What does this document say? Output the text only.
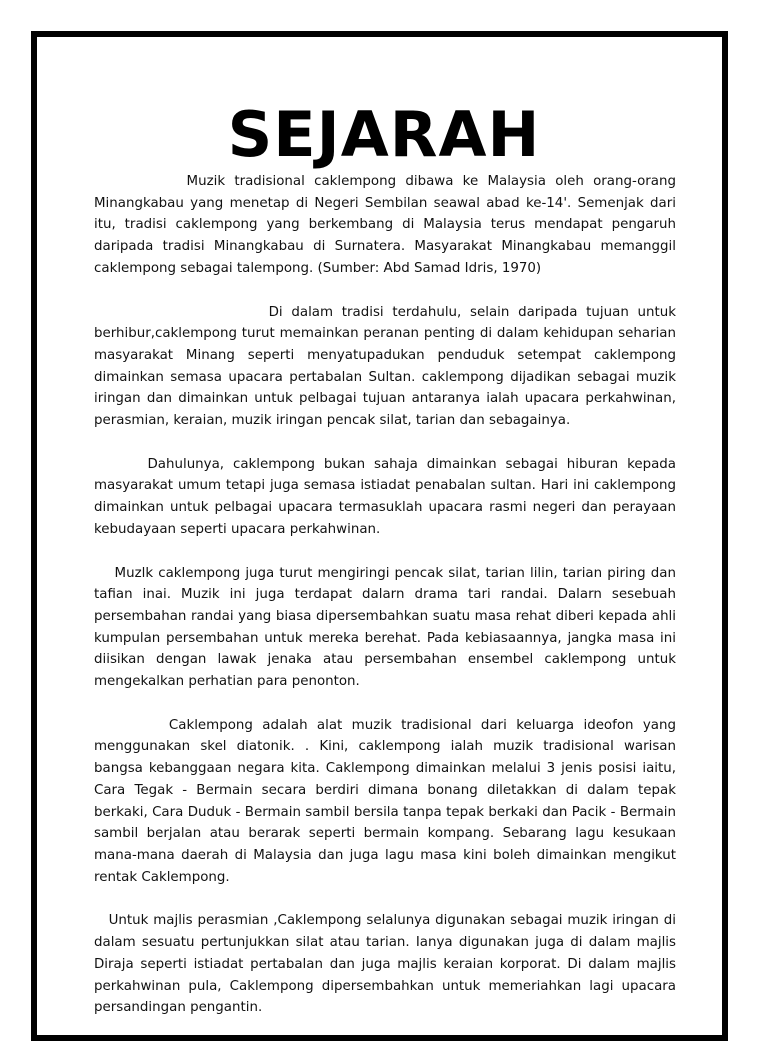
SEJARAH

Muzik tradisional caklempong dibawa ke Malaysia oleh orang-orang Minangkabau yang menetap di Negeri Sembilan seawal abad ke-14'. Semenjak dari itu, tradisi caklempong yang berkembang di Malaysia terus mendapat pengaruh daripada tradisi Minangkabau di Surnatera. Masyarakat Minangkabau memanggil caklempong sebagai talempong. (Sumber: Abd Samad Idris, 1970)

Di dalam tradisi terdahulu, selain daripada tujuan untuk berhibur,caklempong turut memainkan peranan penting di dalam kehidupan seharian masyarakat Minang seperti menyatupadukan penduduk setempat caklempong dimainkan semasa upacara pertabalan Sultan. caklempong dijadikan sebagai muzik iringan dan dimainkan untuk pelbagai tujuan antaranya ialah upacara perkahwinan, perasmian, keraian, muzik iringan pencak silat, tarian dan sebagainya.

Dahulunya, caklempong bukan sahaja dimainkan sebagai hiburan kepada masyarakat umum tetapi juga semasa istiadat penabalan sultan. Hari ini caklempong dimainkan untuk pelbagai upacara termasuklah upacara rasmi negeri dan perayaan kebudayaan seperti upacara perkahwinan.

Muzlk caklempong juga turut mengiringi pencak silat, tarian lilin, tarian piring dan tafian inai. Muzik ini juga terdapat dalarn drama tari randai. Dalarn sesebuah persembahan randai yang biasa dipersembahkan suatu masa rehat diberi kepada ahli kumpulan persembahan untuk mereka berehat. Pada kebiasaannya, jangka masa ini diisikan dengan lawak jenaka atau persembahan ensembel caklempong untuk mengekalkan perhatian para penonton.

Caklempong adalah alat muzik tradisional dari keluarga ideofon yang menggunakan skel diatonik. . Kini, caklempong ialah muzik tradisional warisan bangsa kebanggaan negara kita. Caklempong dimainkan melalui 3 jenis posisi iaitu, Cara Tegak - Bermain secara berdiri dimana bonang diletakkan di dalam tepak berkaki, Cara Duduk - Bermain sambil bersila tanpa tepak berkaki dan Pacik - Bermain sambil berjalan atau berarak seperti bermain kompang. Sebarang lagu kesukaan mana-mana daerah di Malaysia dan juga lagu masa kini boleh dimainkan mengikut rentak Caklempong.

Untuk majlis perasmian ,Caklempong selalunya digunakan sebagai muzik iringan di dalam sesuatu pertunjukkan silat atau tarian. Ianya digunakan juga di dalam majlis Diraja seperti istiadat pertabalan dan juga majlis keraian korporat. Di dalam majlis perkahwinan pula, Caklempong dipersembahkan untuk memeriahkan lagi upacara persandingan pengantin.
